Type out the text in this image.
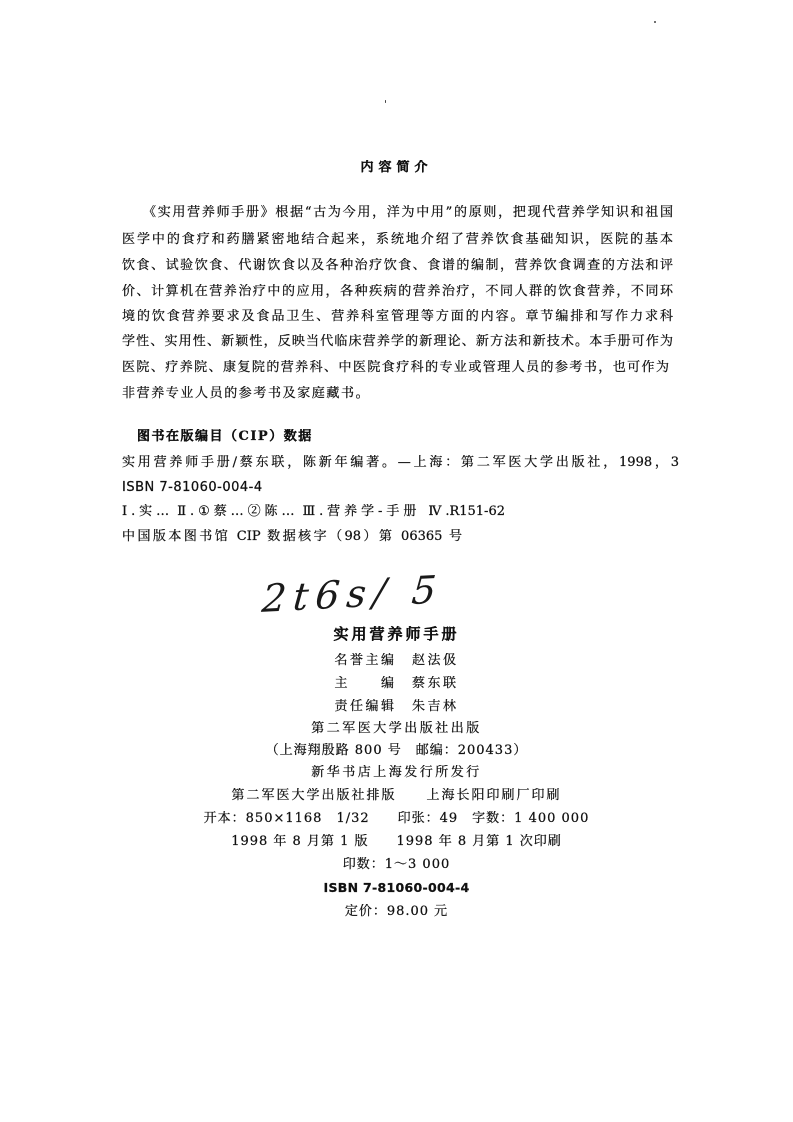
内容简介
《实用营养师手册》根据“古为今用，洋为中用”的原则，把现代营养学知识和祖国
医学中的食疗和药膳紧密地结合起来，系统地介绍了营养饮食基础知识，医院的基本
饮食、试验饮食、代谢饮食以及各种治疗饮食、食谱的编制，营养饮食调查的方法和评
价、计算机在营养治疗中的应用，各种疾病的营养治疗，不同人群的饮食营养，不同环
境的饮食营养要求及食品卫生、营养科室管理等方面的内容。章节编排和写作力求科
学性、实用性、新颖性，反映当代临床营养学的新理论、新方法和新技术。本手册可作为
医院、疗养院、康复院的营养科、中医院食疗科的专业或管理人员的参考书，也可作为
非营养专业人员的参考书及家庭藏书。
图书在版编目（CIP）数据
实用营养师手册/蔡东联，陈新年编著。—上海：第二军医大学出版社，1998，3
ISBN 7-81060-004-4
Ⅰ.实… Ⅱ.①蔡…②陈… Ⅲ.营养学-手册 Ⅳ.R151-62
中国版本图书馆 CIP 数据核字（98）第 06365 号
2t6s/ 5
实用营养师手册
名誉主编　赵法伋
主　　编　蔡东联
责任编辑　朱吉林
第二军医大学出版社出版
（上海翔殷路 800 号　邮编：200433）
新华书店上海发行所发行
第二军医大学出版社排版　　上海长阳印刷厂印刷
开本：850×1168　1/32　　印张：49　字数：1 400 000
1998 年 8 月第 1 版　　1998 年 8 月第 1 次印刷
印数：1～3 000
ISBN 7-81060-004-4
定价：98.00 元
